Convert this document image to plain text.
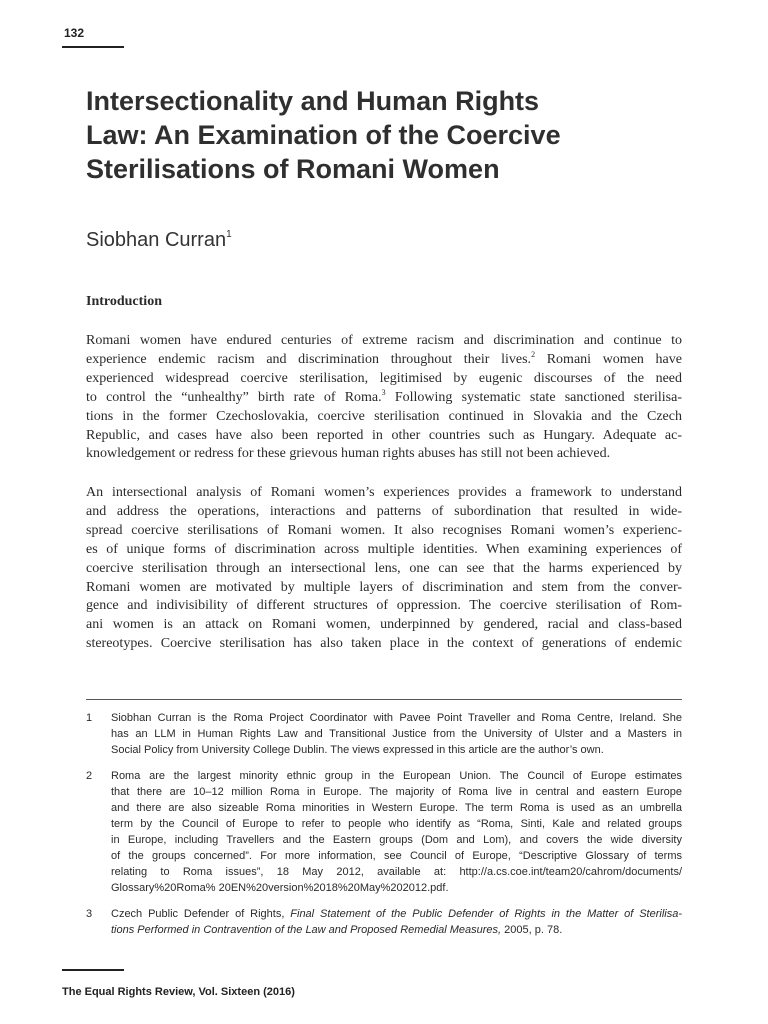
132
Intersectionality and Human Rights
Law: An Examination of the Coercive
Sterilisations of Romani Women
Siobhan Curran$^1$
Introduction
Romani women have endured centuries of extreme racism and discrimination and continue to
experience endemic racism and discrimination throughout their lives.$^2$ Romani women have
experienced widespread coercive sterilisation, legitimised by eugenic discourses of the need
to control the “unhealthy” birth rate of Roma.$^3$ Following systematic state sanctioned sterilisa-
tions in the former Czechoslovakia, coercive sterilisation continued in Slovakia and the Czech
Republic, and cases have also been reported in other countries such as Hungary. Adequate ac-
knowledgement or redress for these grievous human rights abuses has still not been achieved.
An intersectional analysis of Romani women’s experiences provides a framework to understand
and address the operations, interactions and patterns of subordination that resulted in wide-
spread coercive sterilisations of Romani women. It also recognises Romani women’s experienc-
es of unique forms of discrimination across multiple identities. When examining experiences of
coercive sterilisation through an intersectional lens, one can see that the harms experienced by
Romani women are motivated by multiple layers of discrimination and stem from the conver-
gence and indivisibility of different structures of oppression. The coercive sterilisation of Rom-
ani women is an attack on Romani women, underpinned by gendered, racial and class-based
stereotypes. Coercive sterilisation has also taken place in the context of generations of endemic
1 Siobhan Curran is the Roma Project Coordinator with Pavee Point Traveller and Roma Centre, Ireland. She
has an LLM in Human Rights Law and Transitional Justice from the University of Ulster and a Masters in
Social Policy from University College Dublin. The views expressed in this article are the author’s own.
2 Roma are the largest minority ethnic group in the European Union. The Council of Europe estimates
that there are 10–12 million Roma in Europe. The majority of Roma live in central and eastern Europe
and there are also sizeable Roma minorities in Western Europe. The term Roma is used as an umbrella
term by the Council of Europe to refer to people who identify as “Roma, Sinti, Kale and related groups
in Europe, including Travellers and the Eastern groups (Dom and Lom), and covers the wide diversity
of the groups concerned”. For more information, see Council of Europe, “Descriptive Glossary of terms
relating to Roma issues”, 18 May 2012, available at: http://a.cs.coe.int/team20/cahrom/documents/
Glossary%20Roma% 20EN%20version%2018%20May%202012.pdf.
3 Czech Public Defender of Rights, Final Statement of the Public Defender of Rights in the Matter of Sterilisa-
tions Performed in Contravention of the Law and Proposed Remedial Measures, 2005, p. 78.
The Equal Rights Review, Vol. Sixteen (2016)
